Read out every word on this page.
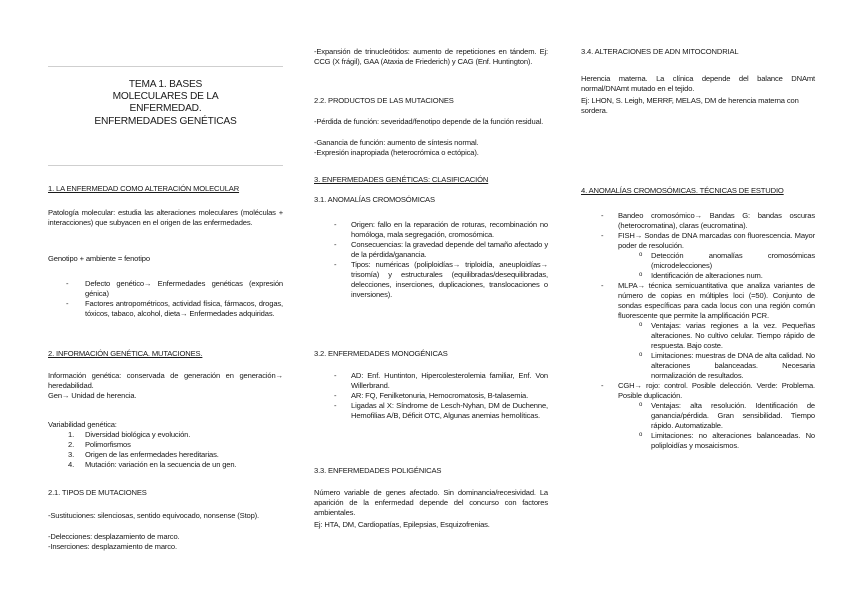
TEMA 1. BASES
MOLECULARES DE LA
ENFERMEDAD.
ENFERMEDADES GENÉTICAS
1. LA ENFERMEDAD COMO ALTERACIÓN MOLECULAR
Patología molecular: estudia las alteraciones moleculares (moléculas + interacciones) que subyacen en el origen de las enfermedades.
Genotipo + ambiente = fenotipo
- Defecto genético→ Enfermedades genéticas (expresión génica)
- Factores antropométricos, actividad física, fármacos, drogas, tóxicos, tabaco, alcohol, dieta→ Enfermedades adquiridas.
2. INFORMACIÓN GENÉTICA. MUTACIONES.
Información genética: conservada de generación en generación→ heredabilidad.
Gen→ Unidad de herencia.
Variabilidad genética:
1. Diversidad biológica y evolución.
2. Polimorfismos
3. Origen de las enfermedades hereditarias.
4. Mutación: variación en la secuencia de un gen.
2.1. TIPOS DE MUTACIONES
-Sustituciones: silenciosas, sentido equivocado, nonsense (Stop).
-Delecciones: desplazamiento de marco.
-Inserciones: desplazamiento de marco.
-Expansión de trinucleótidos: aumento de repeticiones en tándem. Ej: CCG (X frágil), GAA (Ataxia de Friederich) y CAG (Enf. Huntington).
2.2. PRODUCTOS DE LAS MUTACIONES
-Pérdida de función: severidad/fenotipo depende de la función residual.
-Ganancia de función: aumento de síntesis normal.
-Expresión inapropiada (heterocrómica o ectópica).
3. ENFERMEDADES GENÉTICAS: CLASIFICACIÓN
3.1. ANOMALÍAS CROMOSÓMICAS
- Origen: fallo en la reparación de roturas, recombinación no homóloga, mala segregación, cromosómica.
- Consecuencias: la gravedad depende del tamaño afectado y de la pérdida/ganancia.
- Tipos: numéricas (poliploidías→ triploidía, aneuploidías→ trisomía) y estructurales (equilibradas/desequilibradas, delecciones, inserciones, duplicaciones, translocaciones o inversiones).
3.2. ENFERMEDADES MONOGÉNICAS
- AD: Enf. Huntinton, Hipercolesterolemia familiar, Enf. Von Willerbrand.
- AR: FQ, Fenilketonuria, Hemocromatosis, B-talasemia.
- Ligadas al X: Síndrome de Lesch-Nyhan, DM de Duchenne, Hemofilias A/B, Déficit OTC, Algunas anemias hemolíticas.
3.3. ENFERMEDADES POLIGÉNICAS
Número variable de genes afectado. Sin dominancia/recesividad. La aparición de la enfermedad depende del concurso con factores ambientales.
Ej: HTA, DM, Cardiopatías, Epilepsias, Esquizofrenias.
3.4. ALTERACIONES DE ADN MITOCONDRIAL
Herencia materna. La clínica depende del balance DNAmt normal/DNAmt mutado en el tejido.
Ej: LHON, S. Leigh, MERRF, MELAS, DM de herencia materna con sordera.
4. ANOMALÍAS CROMOSÓMICAS. TÉCNICAS DE ESTUDIO
- Bandeo cromosómico→ Bandas G: bandas oscuras (heterocromatina), claras (eucromatina).
- FISH→ Sondas de DNA marcadas con fluorescencia. Mayor poder de resolución.
o Detección anomalías cromosómicas (microdelecciones)
o Identificación de alteraciones num.
- MLPA→ técnica semicuantitativa que analiza variantes de número de copias en múltiples loci (=50). Conjunto de sondas específicas para cada locus con una región común fluorescente que permite la amplificación PCR.
o Ventajas: varias regiones a la vez. Pequeñas alteraciones. No cultivo celular. Tiempo rápido de respuesta. Bajo coste.
o Limitaciones: muestras de DNA de alta calidad. No alteraciones balanceadas. Necesaria normalización de resultados.
- CGH→ rojo: control. Posible delección. Verde: Problema. Posible duplicación.
o Ventajas: alta resolución. Identificación de ganancia/pérdida. Gran sensibilidad. Tiempo rápido. Automatizable.
o Limitaciones: no alteraciones balanceadas. No poliploidías y mosaicismos.
